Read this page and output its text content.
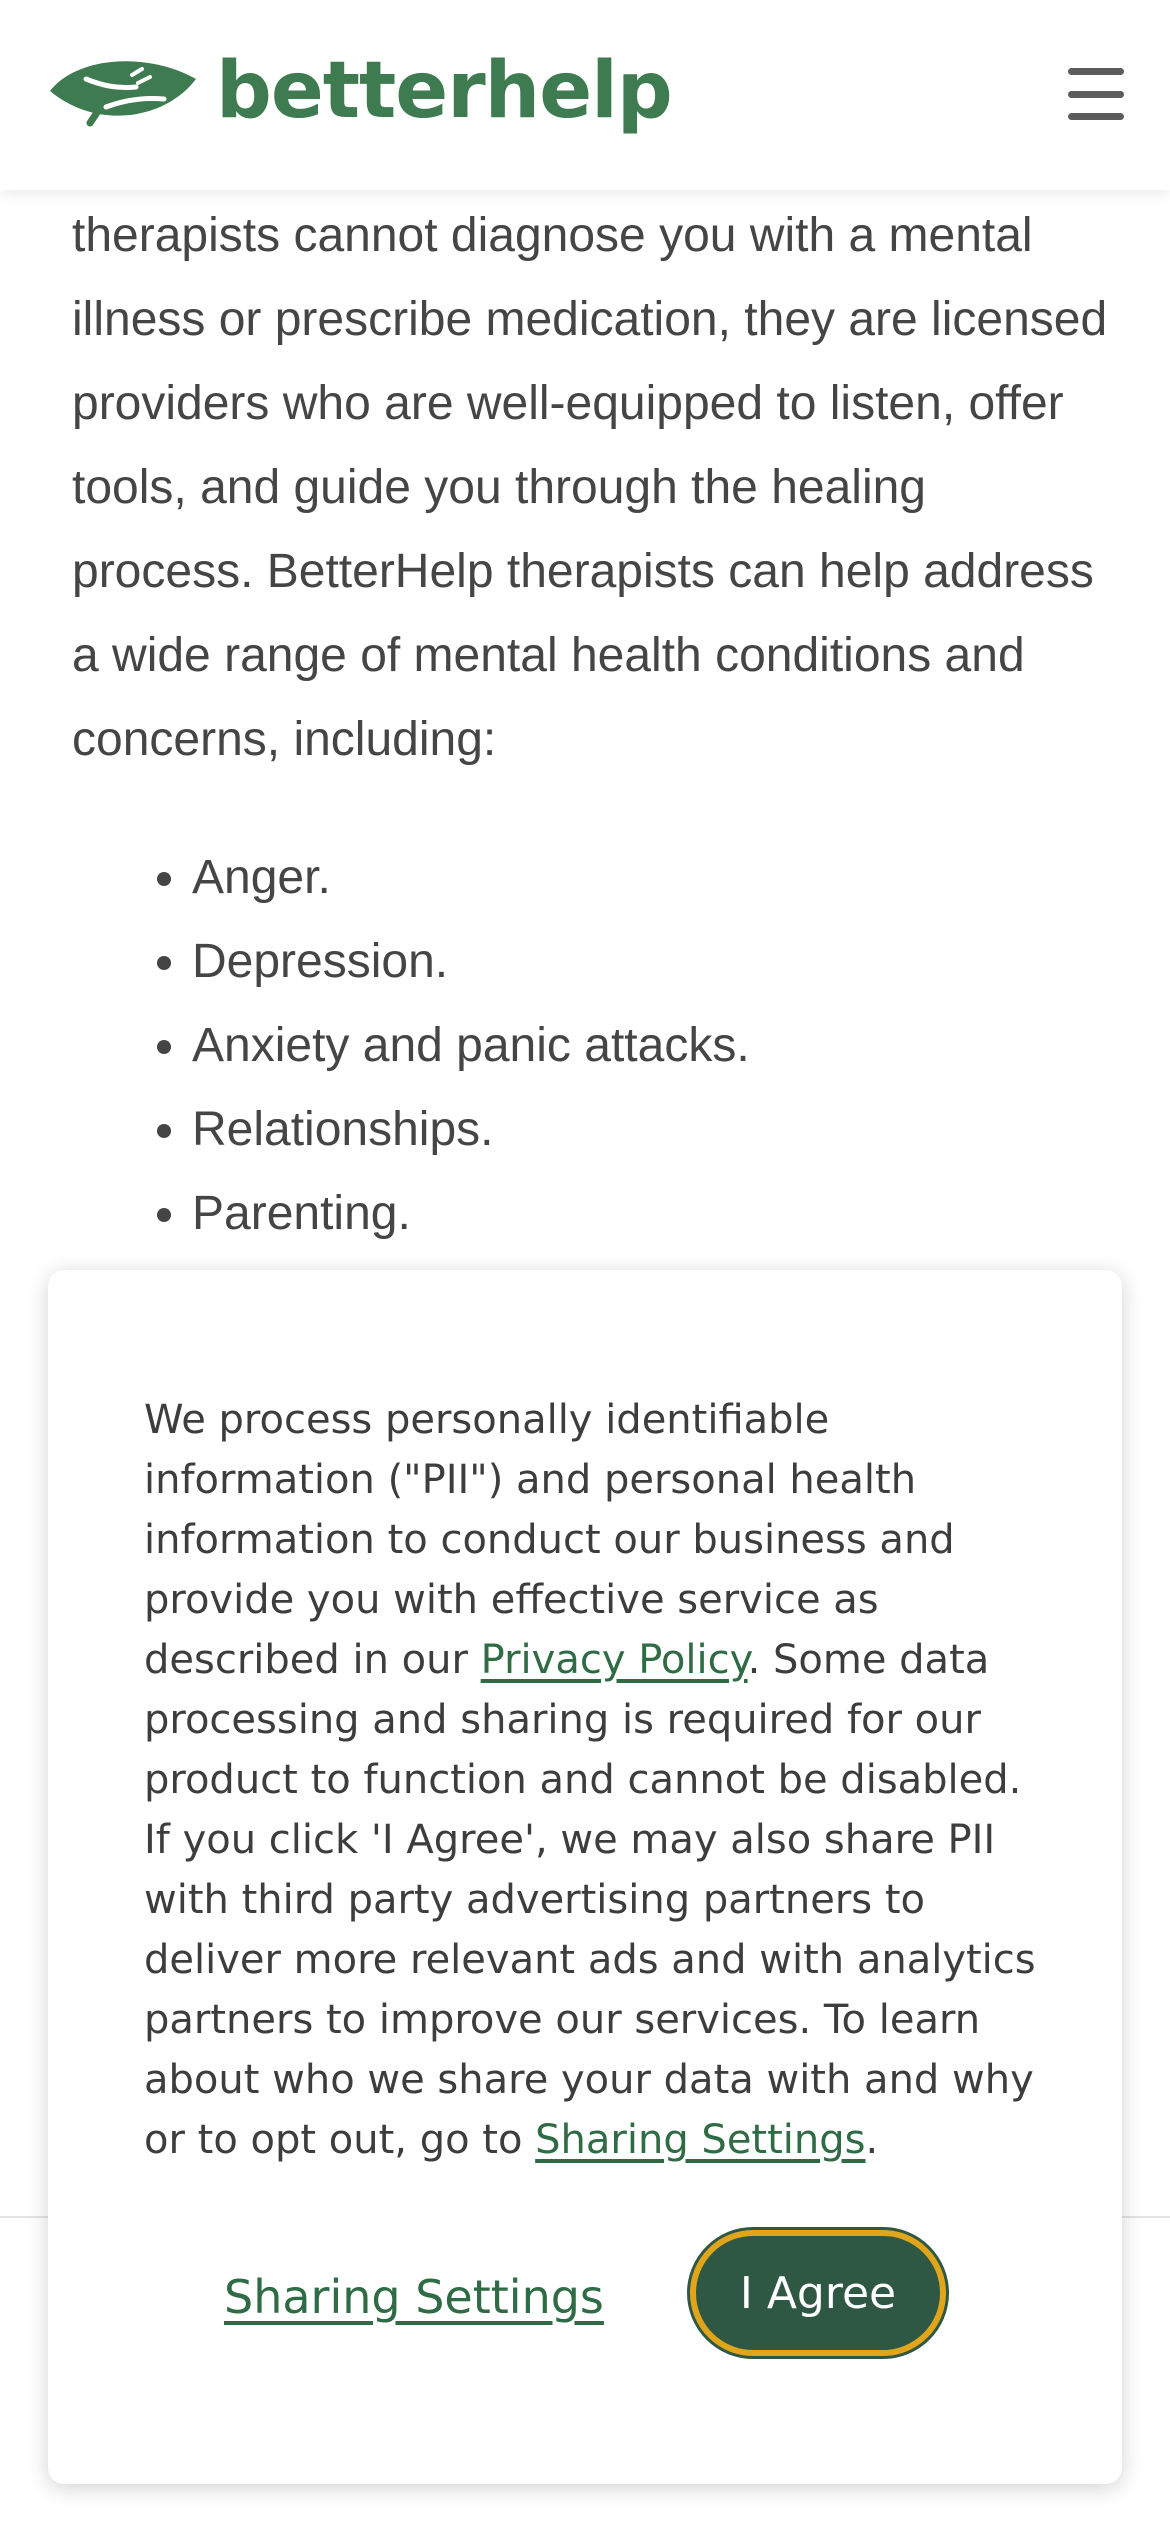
betterhelp

therapists cannot diagnose you with a mental illness or prescribe medication, they are licensed providers who are well-equipped to listen, offer tools, and guide you through the healing process. BetterHelp therapists can help address a wide range of mental health conditions and concerns, including:

• Anger.
• Depression.
• Anxiety and panic attacks.
• Relationships.
• Parenting.
We process personally identifiable information ("PII") and personal health information to conduct our business and provide you with effective service as described in our Privacy Policy. Some data processing and sharing is required for our product to function and cannot be disabled. If you click 'I Agree', we may also share PII with third party advertising partners to deliver more relevant ads and with analytics partners to improve our services. To learn about who we share your data with and why or to opt out, go to Sharing Settings.
Sharing Settings	I Agree
